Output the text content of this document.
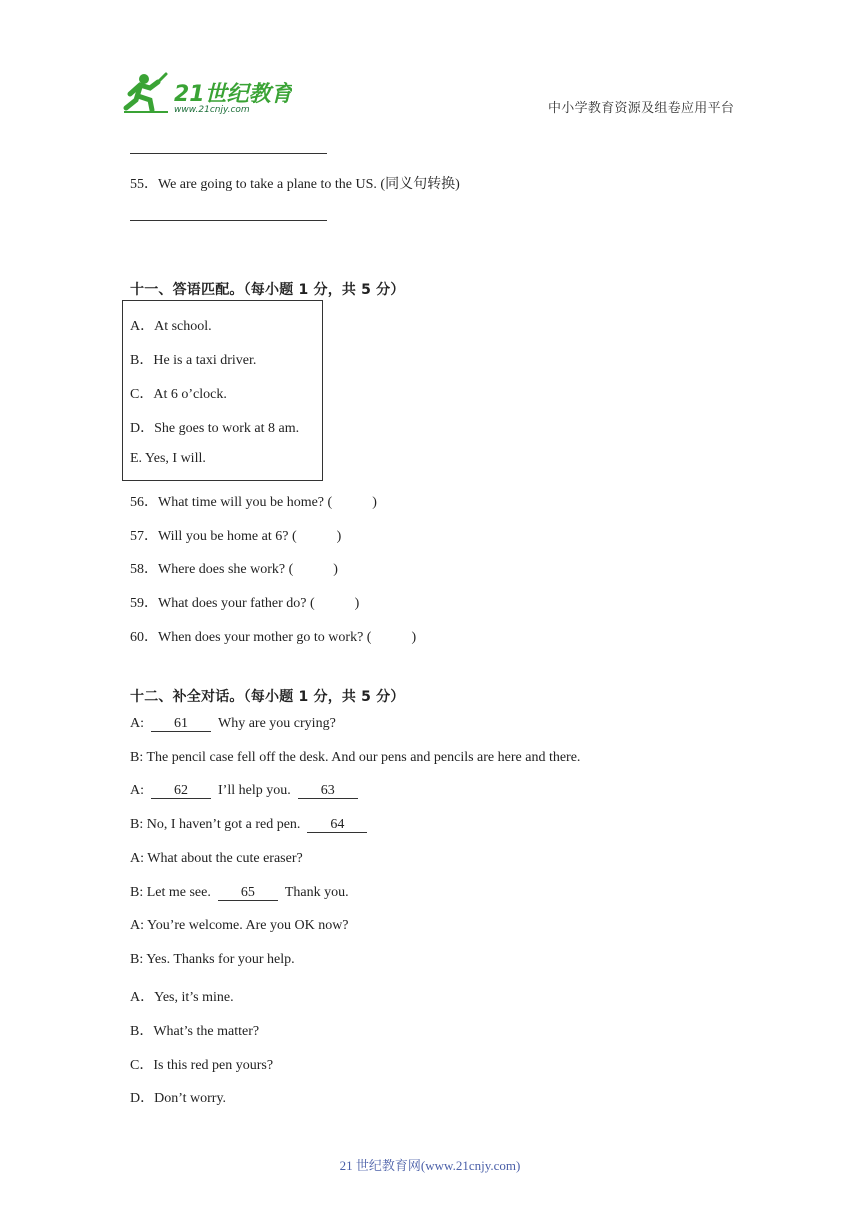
21世纪教育
www.21cnjy.com	中小学教育资源及组卷应用平台
55．We are going to take a plane to the US. (同义句转换)
十一、答语匹配。（每小题 1 分，共 5 分）
A．At school.
B．He is a taxi driver.
C．At 6 o’clock.
D．She goes to work at 8 am.
E. Yes, I will.
56．What time will you be home? (	)
57．Will you be home at 6? (	)
58．Where does she work? (	)
59．What does your father do? (	)
60．When does your mother go to work? (	)
十二、补全对话。（每小题 1 分，共 5 分）
A: 61 Why are you crying?
B: The pencil case fell off the desk. And our pens and pencils are here and there.
A: 62 I’ll help you. 63
B: No, I haven’t got a red pen. 64
A: What about the cute eraser?
B: Let me see. 65 Thank you.
A: You’re welcome. Are you OK now?
B: Yes. Thanks for your help.
A．Yes, it’s mine.
B．What’s the matter?
C．Is this red pen yours?
D．Don’t worry.
21 世纪教育网(www.21cnjy.com)
